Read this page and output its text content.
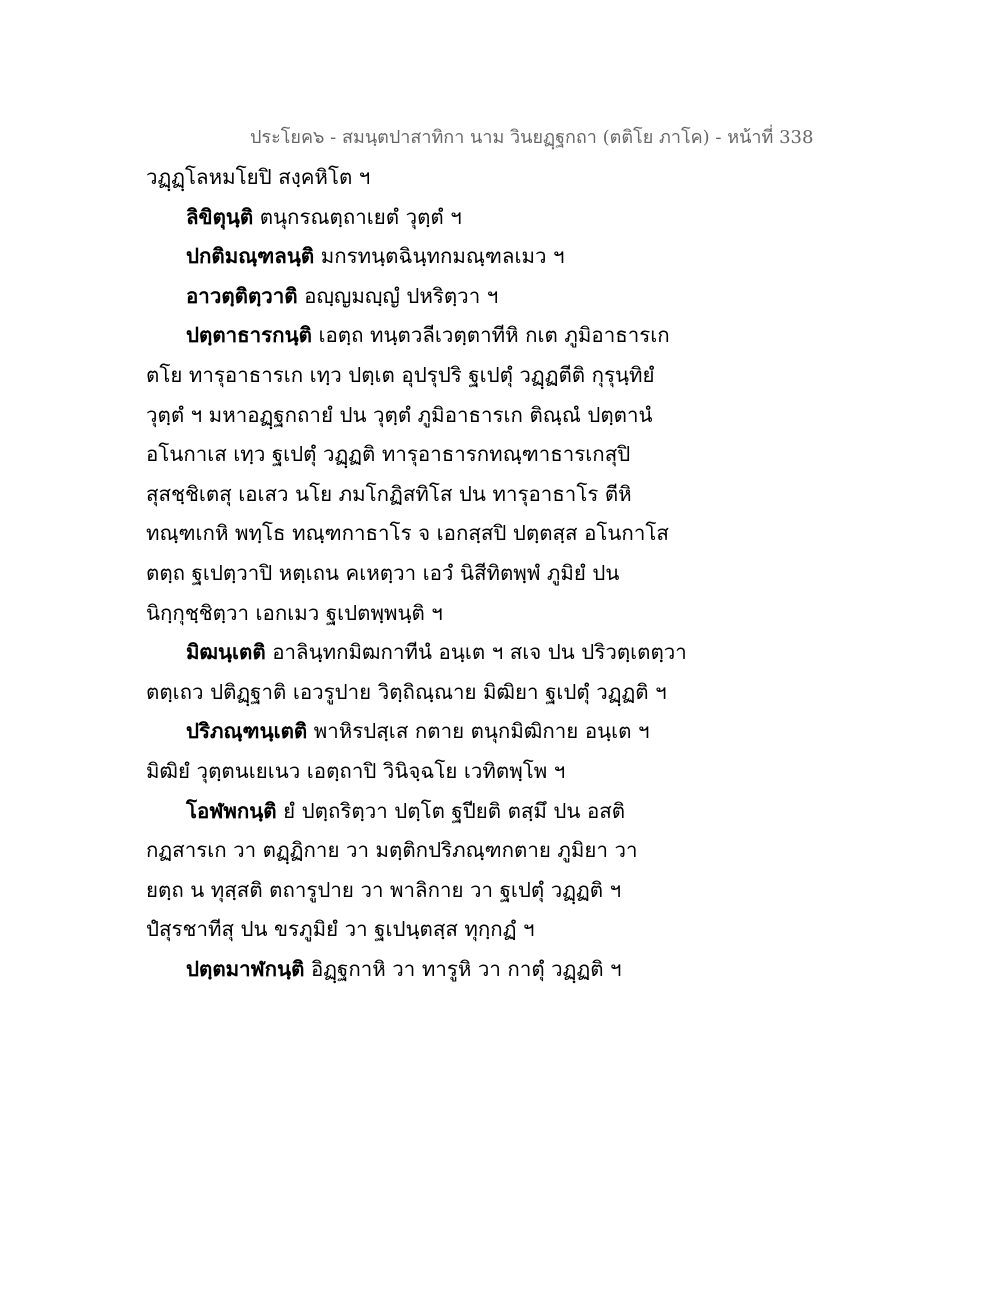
ประโยค๖ - สมนฺตปาสาทิกา นาม วินยฏฺฐกถา (ตติโย ภาโค) - หน้าที่ 338
วฏฺฏฺโลหมโยปิ สงฺคหิโต ฯ
ลิขิตุนฺติ ตนุกรณตฺถาเยตํ วุตฺตํ ฯ
ปกติมณฺฑลนฺติ มกรทนฺตฉินฺทกมณฺฑลเมว ฯ
อาวตฺติตฺวาติ อญฺญมญฺญํ ปหริตฺวา ฯ
ปตฺตาธารกนฺติ เอตฺถ ทนฺตวลีเวตฺตาทีหิ กเต ภูมิอาธารเก
ตโย ทารุอาธารเก เทฺว ปตฺเต อุปรุปริ ฐเปตุํ วฏฺฏตีติ กุรุนฺทิยํ
วุตฺตํ ฯ มหาอฏฺฐกถายํ ปน วุตฺตํ ภูมิอาธารเก ติณฺณํ ปตฺตานํ
อโนกาเส เทฺว ฐเปตุํ วฏฺฏติ ทารุอาธารกทณฺฑาธารเกสุปิ
สุสชฺชิเตสุ เอเสว นโย ภมโกฏิสทิโส ปน ทารุอาธาโร ตีหิ
ทณฺฑเกหิ พทฺโธ ทณฺฑกาธาโร จ เอกสฺสปิ ปตฺตสฺส อโนกาโส
ตตฺถ ฐเปตฺวาปิ หตฺเถน คเหตฺวา เอวํ นิสีทิตพฺพํ ภูมิยํ ปน
นิกฺกุชฺชิตฺวา เอกเมว ฐเปตพฺพนฺติ ฯ
มิฒนฺเตติ อาลินฺทกมิฒกาทีนํ อนฺเต ฯ สเจ ปน ปริวตฺเตตฺวา
ตตฺเถว ปติฏฺฐาติ เอวรูปาย วิตฺถิณฺณาย มิฒิยา ฐเปตุํ วฏฺฏติ ฯ
ปริภณฺฑนฺเตติ พาหิรปสฺเส กตาย ตนุกมิฒิกาย อนฺเต ฯ
มิฒิยํ วุตฺตนเยเนว เอตฺถาปิ วินิจฺฉโย เวทิตพฺโพ ฯ
โอฬพกนฺติ ยํ ปตฺถริตฺวา ปตฺโต ฐปียติ ตสฺมึ ปน อสติ
กฏสารเก วา ตฏฺฏิกาย วา มตฺติกปริภณฺฑกตาย ภูมิยา วา
ยตฺถ น ทุสฺสติ ตถารูปาย วา พาลิกาย วา ฐเปตุํ วฏฺฏติ ฯ
ปํสุรชาทีสุ ปน ขรภูมิยํ วา ฐเปนฺตสฺส ทุกฺกฏํ ฯ
ปตฺตมาฬกนฺติ อิฏฺฐกาหิ วา ทารูหิ วา กาตุํ วฏฺฏติ ฯ
